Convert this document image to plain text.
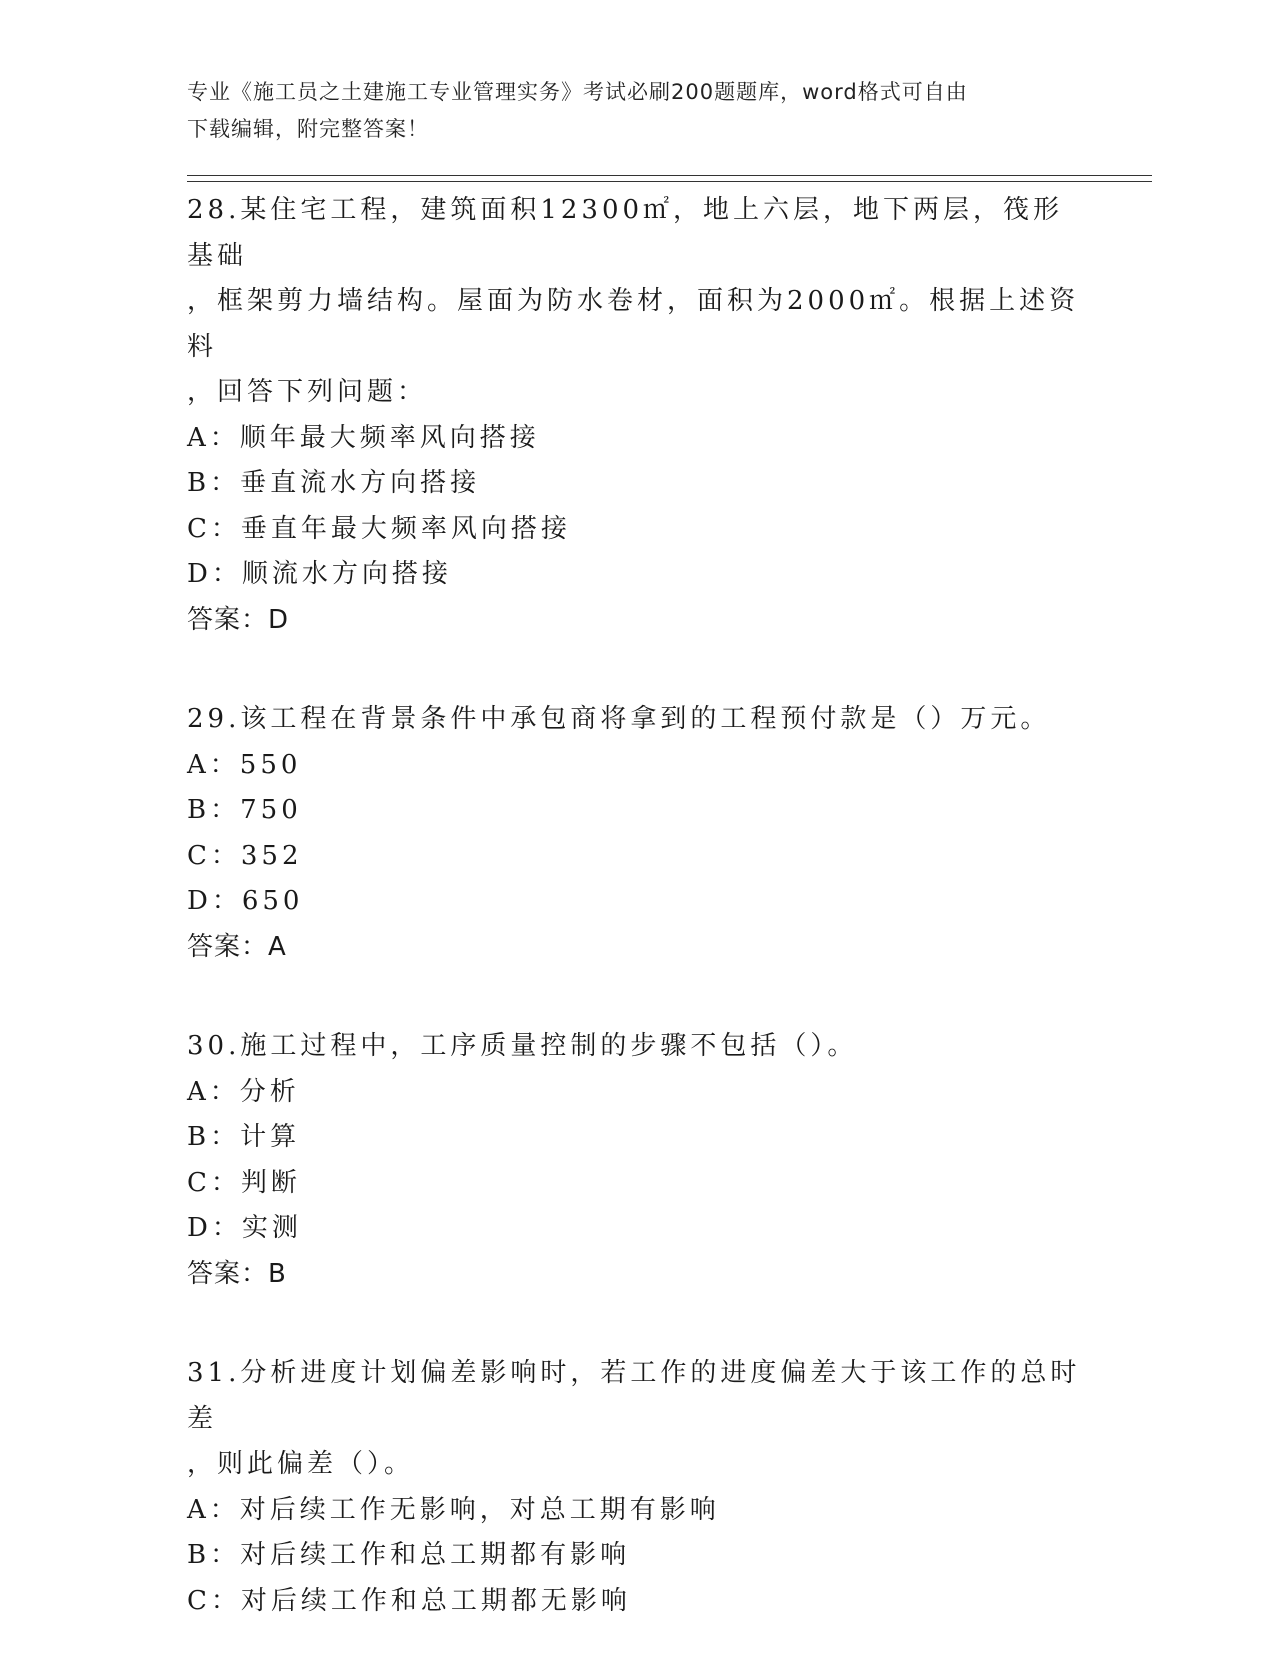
专业《施工员之土建施工专业管理实务》考试必刷200题题库，word格式可自由
下载编辑，附完整答案！
28.某住宅工程，建筑面积12300㎡，地上六层，地下两层，筏形基础
，框架剪力墙结构。屋面为防水卷材，面积为2000㎡。根据上述资料
，回答下列问题：
A：顺年最大频率风向搭接
B：垂直流水方向搭接
C：垂直年最大频率风向搭接
D：顺流水方向搭接
答案：D
29.该工程在背景条件中承包商将拿到的工程预付款是（）万元。
A：550
B：750
C：352
D：650
答案：A
30.施工过程中，工序质量控制的步骤不包括（）。
A：分析
B：计算
C：判断
D：实测
答案：B
31.分析进度计划偏差影响时，若工作的进度偏差大于该工作的总时差
，则此偏差（）。
A：对后续工作无影响，对总工期有影响
B：对后续工作和总工期都有影响
C：对后续工作和总工期都无影响
